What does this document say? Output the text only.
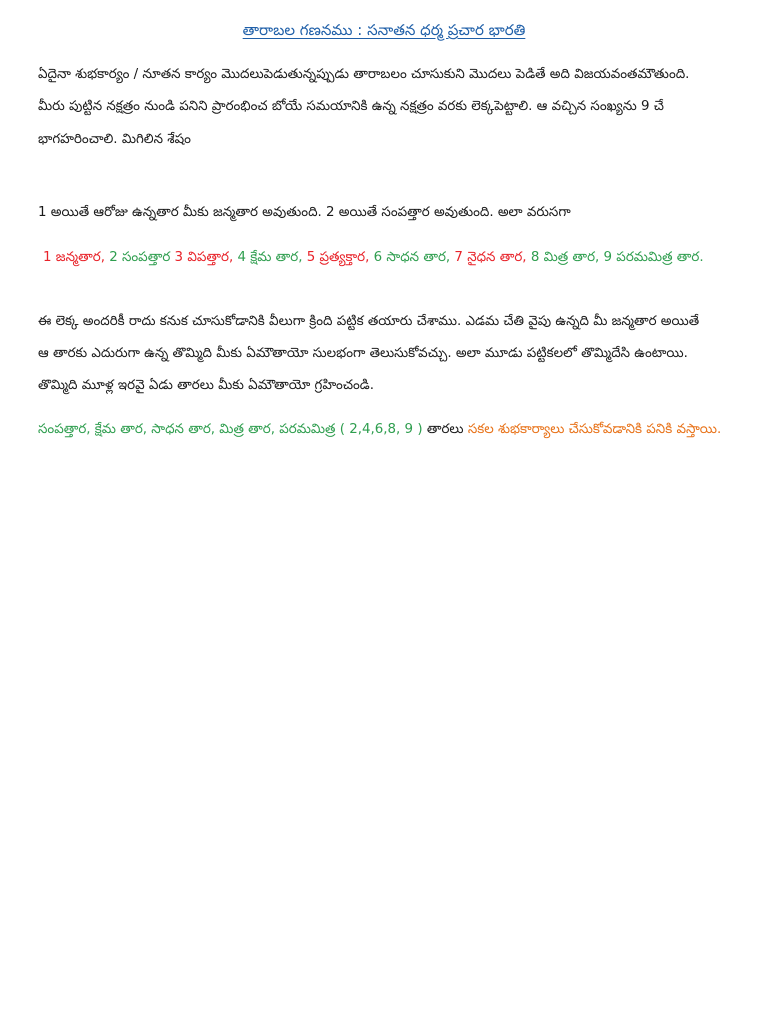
తారాబల గణనము : సనాతన ధర్మ ప్రచార భారతి
ఏదైనా శుభకార్యం / నూతన కార్యం మొదలుపెడుతున్నప్పుడు తారాబలం చూసుకుని మొదలు పెడితే అది విజయవంతమౌతుంది.
మీరు పుట్టిన నక్షత్రం నుండి పనిని ప్రారంభించ బోయే సమయానికి ఉన్న నక్షత్రం వరకు లెక్కపెట్టాలి. ఆ వచ్చిన సంఖ్యను 9 చే
భాగహరించాలి. మిగిలిన శేషం
1 అయితే ఆరోజు ఉన్నతార మీకు జన్మతార అవుతుంది. 2 అయితే సంపత్తార అవుతుంది. అలా వరుసగా
1 జన్మతార, 2 సంపత్తార 3 విపత్తార, 4 క్షేమ తార, 5 ప్రత్యక్తార, 6 సాధన తార, 7 నైధన తార, 8 మిత్ర తార, 9 పరమమిత్ర తార.
ఈ లెక్క అందరికీ రాదు కనుక చూసుకోడానికి వీలుగా క్రింది పట్టిక తయారు చేశాము. ఎడమ చేతి వైపు ఉన్నది మీ జన్మతార అయితే
ఆ తారకు ఎదురుగా ఉన్న తొమ్మిది మీకు ఏమౌతాయో సులభంగా తెలుసుకోవచ్చు. అలా మూడు పట్టికలలో తొమ్మిదేసి ఉంటాయి.
తొమ్మిది మూళ్ల ఇరవై ఏడు తారలు మీకు ఏమౌతాయో గ్రహించండి.
సంపత్తార, క్షేమ తార, సాధన తార, మిత్ర తార, పరమమిత్ర ( 2,4,6,8, 9 ) తారలు సకల శుభకార్యాలు చేసుకోవడానికి పనికి వస్తాయి.
